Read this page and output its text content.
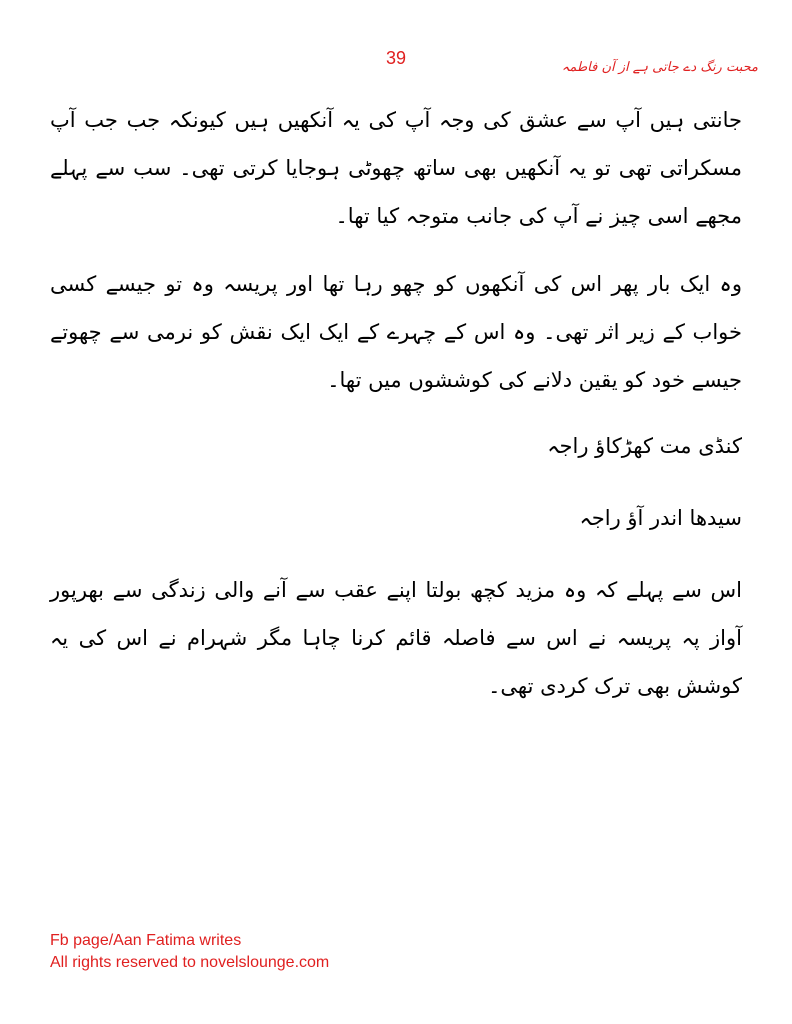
39	محبت رنگ دے جاتی ہے از آن فاطمہ

جانتی ہیں آپ سے عشق کی وجہ آپ کی یہ آنکھیں ہیں کیونکہ جب جب آپ مسکراتی تھی تو یہ آنکھیں بھی ساتھ چھوٹی ہوجایا کرتی تھی۔ سب سے پہلے مجھے اسی چیز نے آپ کی جانب متوجہ کیا تھا۔

وہ ایک بار پھر اس کی آنکھوں کو چھو رہا تھا اور پریسہ وہ تو جیسے کسی خواب کے زیر اثر تھی۔ وہ اس کے چہرے کے ایک ایک نقش کو نرمی سے چھوتے جیسے خود کو یقین دلانے کی کوششوں میں تھا۔

کنڈی مت کھڑکاؤ راجہ

سیدھا اندر آؤ راجہ

اس سے پہلے کہ وہ مزید کچھ بولتا اپنے عقب سے آنے والی زندگی سے بھرپور آواز پہ پریسہ نے اس سے فاصلہ قائم کرنا چاہا مگر شہرام نے اس کی یہ کوشش بھی ترک کردی تھی۔

Fb page/Aan Fatima writes
All rights reserved to novelslounge.com
